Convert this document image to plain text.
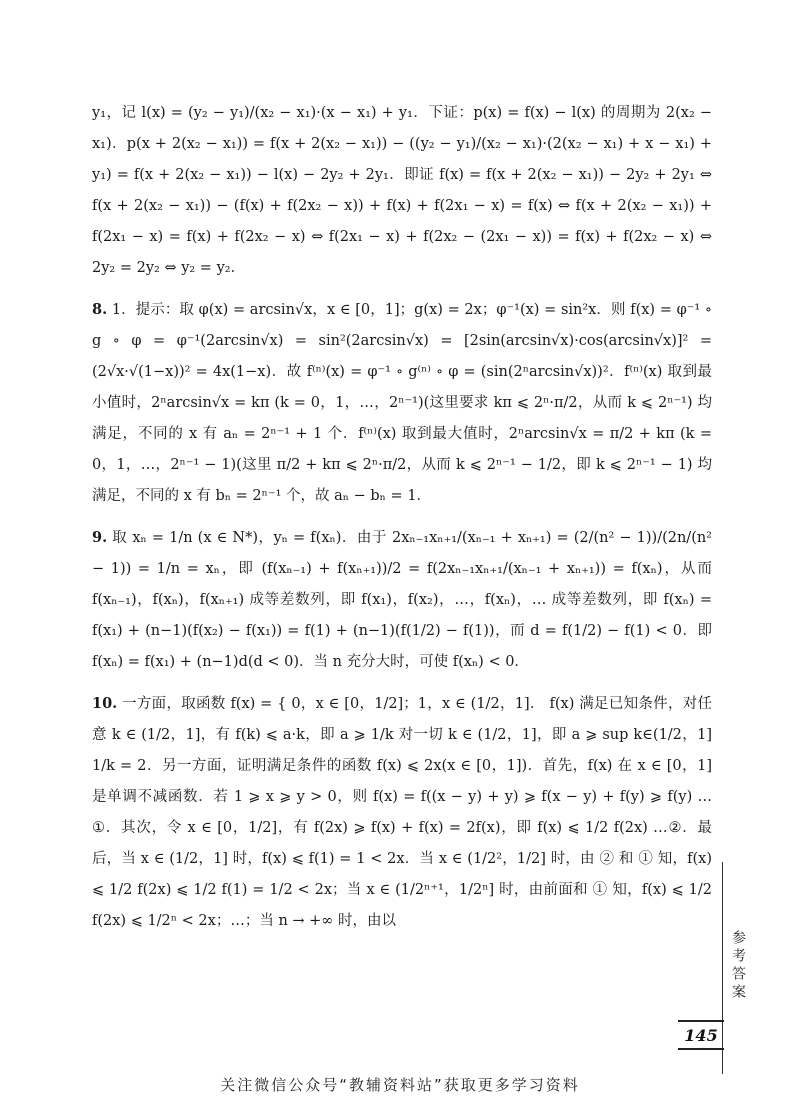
y₁，记 l(x) = (y₂ − y₁)/(x₂ − x₁)·(x − x₁) + y₁．下证：p(x) = f(x) − l(x) 的周期为 2(x₂ − x₁)．p(x + 2(x₂ − x₁)) = f(x + 2(x₂ − x₁)) − ((y₂ − y₁)/(x₂ − x₁)·(2(x₂ − x₁) + x − x₁) + y₁) = f(x + 2(x₂ − x₁)) − l(x) − 2y₂ + 2y₁．即证 f(x) = f(x + 2(x₂ − x₁)) − 2y₂ + 2y₁ ⇔ f(x + 2(x₂ − x₁)) − (f(x) + f(2x₂ − x)) + f(x) + f(2x₁ − x) = f(x) ⇔ f(x + 2(x₂ − x₁)) + f(2x₁ − x) = f(x) + f(2x₂ − x) ⇔ f(2x₁ − x) + f(2x₂ − (2x₁ − x)) = f(x) + f(2x₂ − x) ⇔ 2y₂ = 2y₂ ⇔ y₂ = y₂．

8. 1．提示：取 φ(x) = arcsin√x，x ∈ [0，1]；g(x) = 2x；φ⁻¹(x) = sin²x．则 f(x) = φ⁻¹ ∘ g ∘ φ = φ⁻¹(2arcsin√x) = sin²(2arcsin√x) = [2sin(arcsin√x)·cos(arcsin√x)]² = (2√x·√(1−x))² = 4x(1−x)．故 f⁽ⁿ⁾(x) = φ⁻¹ ∘ g⁽ⁿ⁾ ∘ φ = (sin(2ⁿarcsin√x))²．f⁽ⁿ⁾(x) 取到最小值时，2ⁿarcsin√x = kπ (k = 0，1，…，2ⁿ⁻¹)(这里要求 kπ ⩽ 2ⁿ·π/2，从而 k ⩽ 2ⁿ⁻¹) 均满足，不同的 x 有 aₙ = 2ⁿ⁻¹ + 1 个．f⁽ⁿ⁾(x) 取到最大值时，2ⁿarcsin√x = π/2 + kπ (k = 0，1，…，2ⁿ⁻¹ − 1)(这里 π/2 + kπ ⩽ 2ⁿ·π/2，从而 k ⩽ 2ⁿ⁻¹ − 1/2，即 k ⩽ 2ⁿ⁻¹ − 1) 均满足，不同的 x 有 bₙ = 2ⁿ⁻¹ 个，故 aₙ − bₙ = 1．

9. 取 xₙ = 1/n (x ∈ N*)，yₙ = f(xₙ)．由于 2xₙ₋₁xₙ₊₁/(xₙ₋₁ + xₙ₊₁) = (2/(n² − 1))/(2n/(n² − 1)) = 1/n = xₙ，即 (f(xₙ₋₁) + f(xₙ₊₁))/2 = f(2xₙ₋₁xₙ₊₁/(xₙ₋₁ + xₙ₊₁)) = f(xₙ)，从而 f(xₙ₋₁)，f(xₙ)，f(xₙ₊₁) 成等差数列，即 f(x₁)，f(x₂)，…，f(xₙ)，… 成等差数列，即 f(xₙ) = f(x₁) + (n−1)(f(x₂) − f(x₁)) = f(1) + (n−1)(f(1/2) − f(1))，而 d = f(1/2) − f(1) < 0．即 f(xₙ) = f(x₁) + (n−1)d(d < 0)．当 n 充分大时，可使 f(xₙ) < 0．

10. 一方面，取函数 f(x) = { 0，x ∈ [0，1/2]；1，x ∈ (1/2，1]． f(x) 满足已知条件，对任意 k ∈ (1/2，1]，有 f(k) ⩽ a·k，即 a ⩾ 1/k 对一切 k ∈ (1/2，1]，即 a ⩾ sup k∈(1/2，1] 1/k = 2．另一方面，证明满足条件的函数 f(x) ⩽ 2x(x ∈ [0，1])．首先，f(x) 在 x ∈ [0，1] 是单调不减函数．若 1 ⩾ x ⩾ y > 0，则 f(x) = f((x − y) + y) ⩾ f(x − y) + f(y) ⩾ f(y) …①．其次，令 x ∈ [0，1/2]，有 f(2x) ⩾ f(x) + f(x) = 2f(x)，即 f(x) ⩽ 1/2 f(2x) …②．最后，当 x ∈ (1/2，1] 时，f(x) ⩽ f(1) = 1 < 2x．当 x ∈ (1/2²，1/2] 时，由 ② 和 ① 知，f(x) ⩽ 1/2 f(2x) ⩽ 1/2 f(1) = 1/2 < 2x；当 x ∈ (1/2ⁿ⁺¹，1/2ⁿ] 时，由前面和 ① 知，f(x) ⩽ 1/2 f(2x) ⩽ 1/2ⁿ < 2x；…；当 n → +∞ 时，由以

参考答案
145
关注微信公众号“教辅资料站”获取更多学习资料
